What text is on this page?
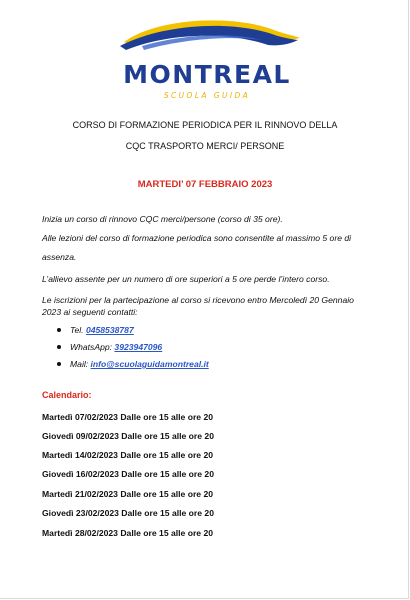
MONTREAL
SCUOLA GUIDA
CORSO DI FORMAZIONE PERIODICA PER IL RINNOVO DELLA
CQC TRASPORTO MERCI/ PERSONE
MARTEDI’ 07 FEBBRAIO 2023
Inizia un corso di rinnovo CQC merci/persone (corso di 35 ore).
Alle lezioni del corso di formazione periodica sono consentite al massimo 5 ore di
assenza.
L’allievo assente per un numero di ore superiori a 5 ore perde l’intero corso.
Le iscrizioni per la partecipazione al corso si ricevono entro Mercoledì 20 Gennaio
2023 ai seguenti contatti:
Tel. 0458538787
WhatsApp: 3923947096
Mail: info@scuolaguidamontreal.it
Calendario:
Martedì 07/02/2023 Dalle ore 15 alle ore 20
Giovedì 09/02/2023 Dalle ore 15 alle ore 20
Martedì 14/02/2023 Dalle ore 15 alle ore 20
Giovedì 16/02/2023 Dalle ore 15 alle ore 20
Martedì 21/02/2023 Dalle ore 15 alle ore 20
Giovedì 23/02/2023 Dalle ore 15 alle ore 20
Martedì 28/02/2023 Dalle ore 15 alle ore 20
